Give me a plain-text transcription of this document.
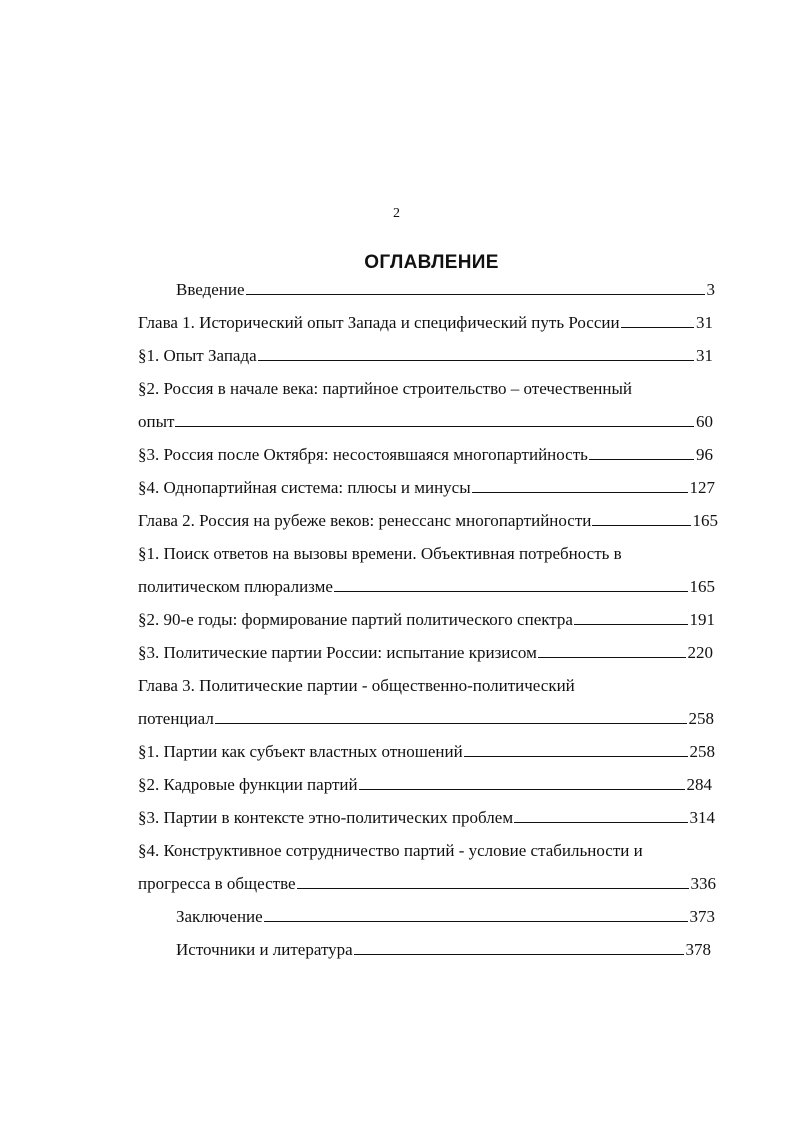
2
ОГЛАВЛЕНИЕ
Введение	3
Глава 1. Исторический опыт Запада и специфический путь России	31
§1. Опыт Запада	31
§2. Россия в начале века: партийное строительство – отечественный
опыт	60
§3. Россия после Октября: несостоявшаяся многопартийность	96
§4. Однопартийная система: плюсы и минусы	127
Глава 2. Россия на рубеже веков: ренессанс многопартийности	165
§1. Поиск ответов на вызовы времени. Объективная потребность в
политическом плюрализме	165
§2. 90-е годы: формирование партий политического спектра	191
§3. Политические партии России: испытание кризисом	220
Глава 3. Политические партии - общественно-политический
потенциал	258
§1. Партии как субъект властных отношений	258
§2. Кадровые функции партий	284
§3. Партии в контексте этно-политических проблем	314
§4. Конструктивное сотрудничество партий - условие стабильности и
прогресса в обществе	336
Заключение	373
Источники и литература	378
